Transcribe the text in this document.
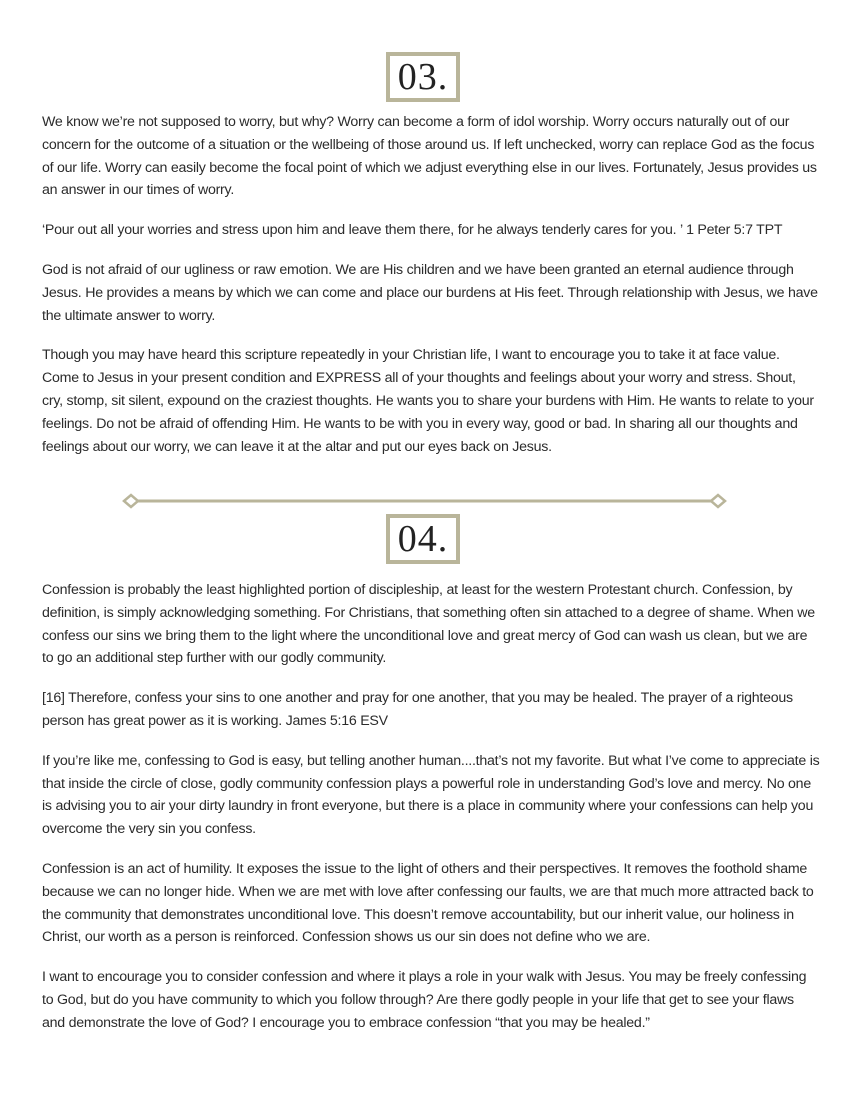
03.

We know we’re not supposed to worry, but why? Worry can become a form of idol worship. Worry occurs naturally out of our concern for the outcome of a situation or the wellbeing of those around us. If left unchecked, worry can replace God as the focus of our life. Worry can easily become the focal point of which we adjust everything else in our lives. Fortunately, Jesus provides us an answer in our times of worry.

‘Pour out all your worries and stress upon him and leave them there, for he always tenderly cares for you. ’ 1 Peter 5:7 TPT

God is not afraid of our ugliness or raw emotion. We are His children and we have been granted an eternal audience through Jesus. He provides a means by which we can come and place our burdens at His feet. Through relationship with Jesus, we have the ultimate answer to worry.

Though you may have heard this scripture repeatedly in your Christian life, I want to encourage you to take it at face value. Come to Jesus in your present condition and EXPRESS all of your thoughts and feelings about your worry and stress. Shout, cry, stomp, sit silent, expound on the craziest thoughts. He wants you to share your burdens with Him. He wants to relate to your feelings. Do not be afraid of offending Him. He wants to be with you in every way, good or bad. In sharing all our thoughts and feelings about our worry, we can leave it at the altar and put our eyes back on Jesus.

04.

Confession is probably the least highlighted portion of discipleship, at least for the western Protestant church. Confession, by definition, is simply acknowledging something. For Christians, that something often sin attached to a degree of shame. When we confess our sins we bring them to the light where the unconditional love and great mercy of God can wash us clean, but we are to go an additional step further with our godly community.

[16] Therefore, confess your sins to one another and pray for one another, that you may be healed. The prayer of a righteous person has great power as it is working. James 5:16 ESV

If you’re like me, confessing to God is easy, but telling another human....that’s not my favorite. But what I’ve come to appreciate is that inside the circle of close, godly community confession plays a powerful role in understanding God’s love and mercy. No one is advising you to air your dirty laundry in front everyone, but there is a place in community where your confessions can help you overcome the very sin you confess.

Confession is an act of humility. It exposes the issue to the light of others and their perspectives. It removes the foothold shame because we can no longer hide. When we are met with love after confessing our faults, we are that much more attracted back to the community that demonstrates unconditional love. This doesn’t remove accountability, but our inherit value, our holiness in Christ, our worth as a person is reinforced. Confession shows us our sin does not define who we are.

I want to encourage you to consider confession and where it plays a role in your walk with Jesus. You may be freely confessing to God, but do you have community to which you follow through? Are there godly people in your life that get to see your flaws and demonstrate the love of God? I encourage you to embrace confession “that you may be healed.”
